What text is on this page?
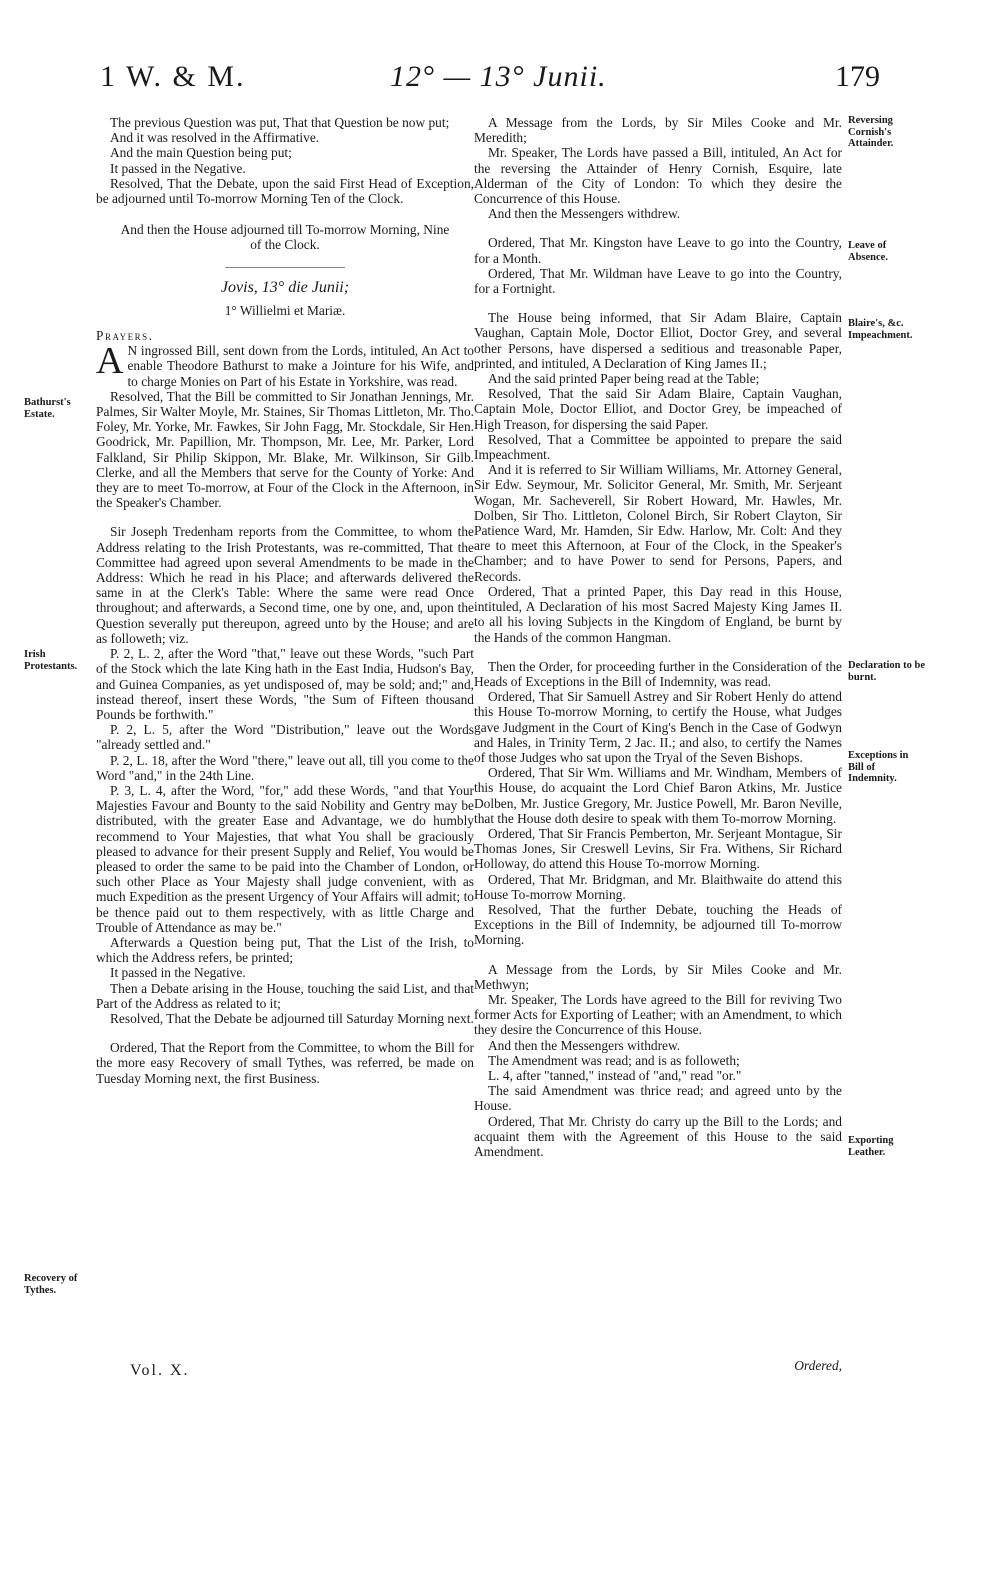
1 W. & M.	12° — 13° Junii.	179

The previous Question was put, That that Question be now put;

And it was resolved in the Affirmative.

And the main Question being put;

It passed in the Negative.

Resolved, That the Debate, upon the said First Head of Exception, be adjourned until To-morrow Morning Ten of the Clock.

And then the House adjourned till To-morrow Morning, Nine of the Clock.

Jovis, 13° die Junii;

1° Willielmi et Mariæ.

Prayers.

A N ingrossed Bill, sent down from the Lords, intituled, An Act to enable Theodore Bathurst to make a Jointure for his Wife, and to charge Monies on Part of his Estate in Yorkshire, was read.

Resolved, That the Bill be committed to Sir Jonathan Jennings, Mr. Palmes, Sir Walter Moyle, Mr. Staines, Sir Thomas Littleton, Mr. Tho. Foley, Mr. Yorke, Mr. Fawkes, Sir John Fagg, Mr. Stockdale, Sir Hen. Goodrick, Mr. Papillion, Mr. Thompson, Mr. Lee, Mr. Parker, Lord Falkland, Sir Philip Skippon, Mr. Blake, Mr. Wilkinson, Sir Gilb. Clerke, and all the Members that serve for the County of Yorke: And they are to meet To-morrow, at Four of the Clock in the Afternoon, in the Speaker's Chamber.

Sir Joseph Tredenham reports from the Committee, to whom the Address relating to the Irish Protestants, was re-committed, That the Committee had agreed upon several Amendments to be made in the Address: Which he read in his Place; and afterwards delivered the same in at the Clerk's Table: Where the same were read Once throughout; and afterwards, a Second time, one by one, and, upon the Question severally put thereupon, agreed unto by the House; and are as followeth; viz.

P. 2, L. 2, after the Word "that," leave out these Words, "such Part of the Stock which the late King hath in the East India, Hudson's Bay, and Guinea Companies, as yet undisposed of, may be sold; and;" and, instead thereof, insert these Words, "the Sum of Fifteen thousand Pounds be forthwith."

P. 2, L. 5, after the Word "Distribution," leave out the Words "already settled and."

P. 2, L. 18, after the Word "there," leave out all, till you come to the Word "and," in the 24th Line.

P. 3, L. 4, after the Word, "for," add these Words, "and that Your Majesties Favour and Bounty to the said Nobility and Gentry may be distributed, with the greater Ease and Advantage, we do humbly recommend to Your Majesties, that what You shall be graciously pleased to advance for their present Supply and Relief, You would be pleased to order the same to be paid into the Chamber of London, or such other Place as Your Majesty shall judge convenient, with as much Expedition as the present Urgency of Your Affairs will admit; to be thence paid out to them respectively, with as little Charge and Trouble of Attendance as may be."

Afterwards a Question being put, That the List of the Irish, to which the Address refers, be printed;

It passed in the Negative.

Then a Debate arising in the House, touching the said List, and that Part of the Address as related to it;

Resolved, That the Debate be adjourned till Saturday Morning next.

Ordered, That the Report from the Committee, to whom the Bill for the more easy Recovery of small Tythes, was referred, be made on Tuesday Morning next, the first Business.

A Message from the Lords, by Sir Miles Cooke and Mr. Meredith;

Mr. Speaker, The Lords have passed a Bill, intituled, An Act for the reversing the Attainder of Henry Cornish, Esquire, late Alderman of the City of London: To which they desire the Concurrence of this House.

And then the Messengers withdrew.

Ordered, That Mr. Kingston have Leave to go into the Country, for a Month.

Ordered, That Mr. Wildman have Leave to go into the Country, for a Fortnight.

The House being informed, that Sir Adam Blaire, Captain Vaughan, Captain Mole, Doctor Elliot, Doctor Grey, and several other Persons, have dispersed a seditious and treasonable Paper, printed, and intituled, A Declaration of King James II.;

And the said printed Paper being read at the Table;

Resolved, That the said Sir Adam Blaire, Captain Vaughan, Captain Mole, Doctor Elliot, and Doctor Grey, be impeached of High Treason, for dispersing the said Paper.

Resolved, That a Committee be appointed to prepare the said Impeachment.

And it is referred to Sir William Williams, Mr. Attorney General, Sir Edw. Seymour, Mr. Solicitor General, Mr. Smith, Mr. Serjeant Wogan, Mr. Sacheverell, Sir Robert Howard, Mr. Hawles, Mr. Dolben, Sir Tho. Littleton, Colonel Birch, Sir Robert Clayton, Sir Patience Ward, Mr. Hamden, Sir Edw. Harlow, Mr. Colt: And they are to meet this Afternoon, at Four of the Clock, in the Speaker's Chamber; and to have Power to send for Persons, Papers, and Records.

Ordered, That a printed Paper, this Day read in this House, intituled, A Declaration of his most Sacred Majesty King James II. to all his loving Subjects in the Kingdom of England, be burnt by the Hands of the common Hangman.

Then the Order, for proceeding further in the Consideration of the Heads of Exceptions in the Bill of Indemnity, was read.

Ordered, That Sir Samuell Astrey and Sir Robert Henly do attend this House To-morrow Morning, to certify the House, what Judges gave Judgment in the Court of King's Bench in the Case of Godwyn and Hales, in Trinity Term, 2 Jac. II.; and also, to certify the Names of those Judges who sat upon the Tryal of the Seven Bishops.

Ordered, That Sir Wm. Williams and Mr. Windham, Members of this House, do acquaint the Lord Chief Baron Atkins, Mr. Justice Dolben, Mr. Justice Gregory, Mr. Justice Powell, Mr. Baron Neville, that the House doth desire to speak with them To-morrow Morning.

Ordered, That Sir Francis Pemberton, Mr. Serjeant Montague, Sir Thomas Jones, Sir Creswell Levins, Sir Fra. Withens, Sir Richard Holloway, do attend this House To-morrow Morning.

Ordered, That Mr. Bridgman, and Mr. Blaithwaite do attend this House To-morrow Morning.

Resolved, That the further Debate, touching the Heads of Exceptions in the Bill of Indemnity, be adjourned till To-morrow Morning.

A Message from the Lords, by Sir Miles Cooke and Mr. Methwyn;

Mr. Speaker, The Lords have agreed to the Bill for reviving Two former Acts for Exporting of Leather; with an Amendment, to which they desire the Concurrence of this House.

And then the Messengers withdrew.

The Amendment was read; and is as followeth;

L. 4, after "tanned," instead of "and," read "or."

The said Amendment was thrice read; and agreed unto by the House.

Ordered, That Mr. Christy do carry up the Bill to the Lords; and acquaint them with the Agreement of this House to the said Amendment.

Bathurst's Estate.
Irish Protestants.
Recovery of Tythes.
Reversing Cornish's Attainder.
Leave of Absence.
Blaire's, &c. Impeachment.
Declaration to be burnt.
Exceptions in Bill of Indemnity.
Exporting Leather.
Vol. X.	Ordered,
